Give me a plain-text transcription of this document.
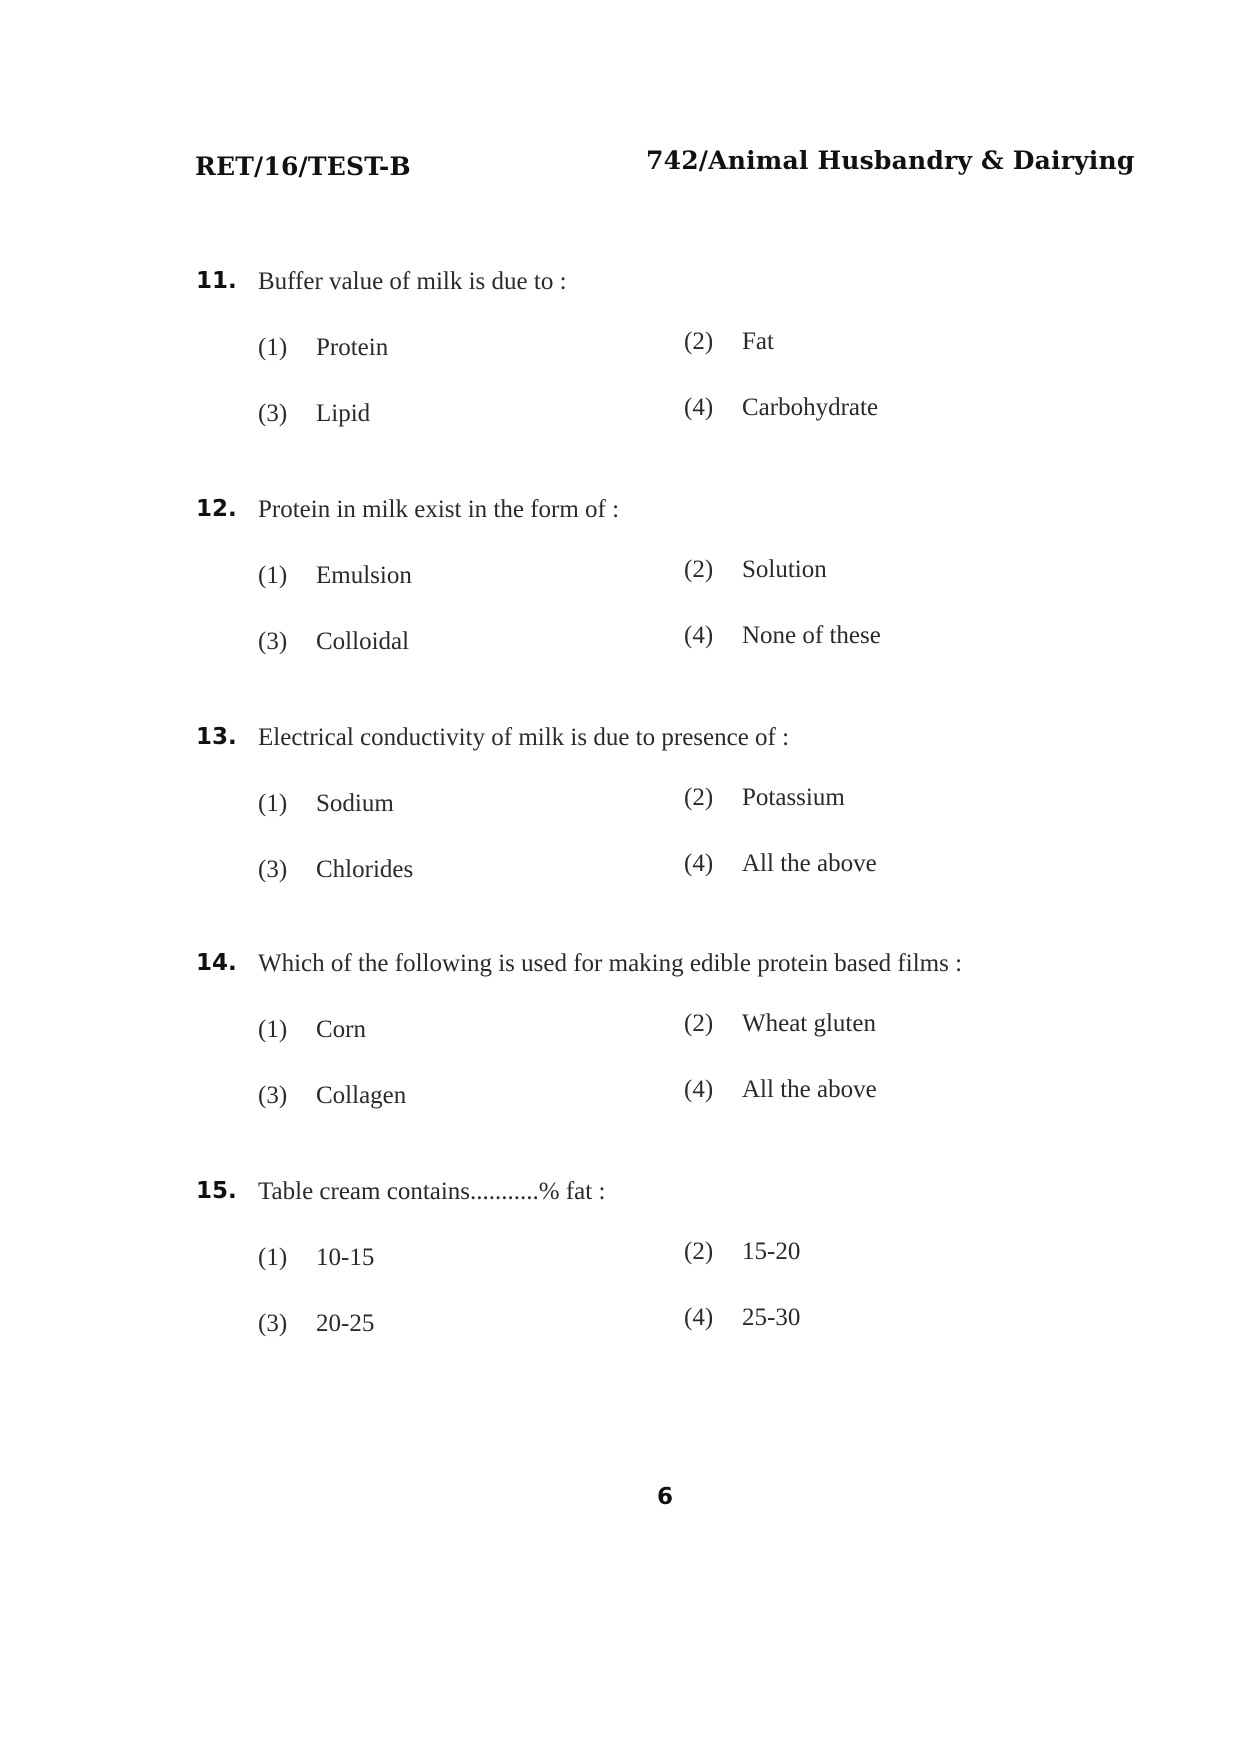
RET/16/TEST-B	742/Animal Husbandry & Dairying
11. Buffer value of milk is due to :
(1)	Protein	(2)	Fat
(3)	Lipid	(4)	Carbohydrate
12. Protein in milk exist in the form of :
(1)	Emulsion	(2)	Solution
(3)	Colloidal	(4)	None of these
13. Electrical conductivity of milk is due to presence of :
(1)	Sodium	(2)	Potassium
(3)	Chlorides	(4)	All the above
14. Which of the following is used for making edible protein based films :
(1)	Corn	(2)	Wheat gluten
(3)	Collagen	(4)	All the above
15. Table cream contains...........% fat :
(1)	10-15	(2)	15-20
(3)	20-25	(4)	25-30
6
